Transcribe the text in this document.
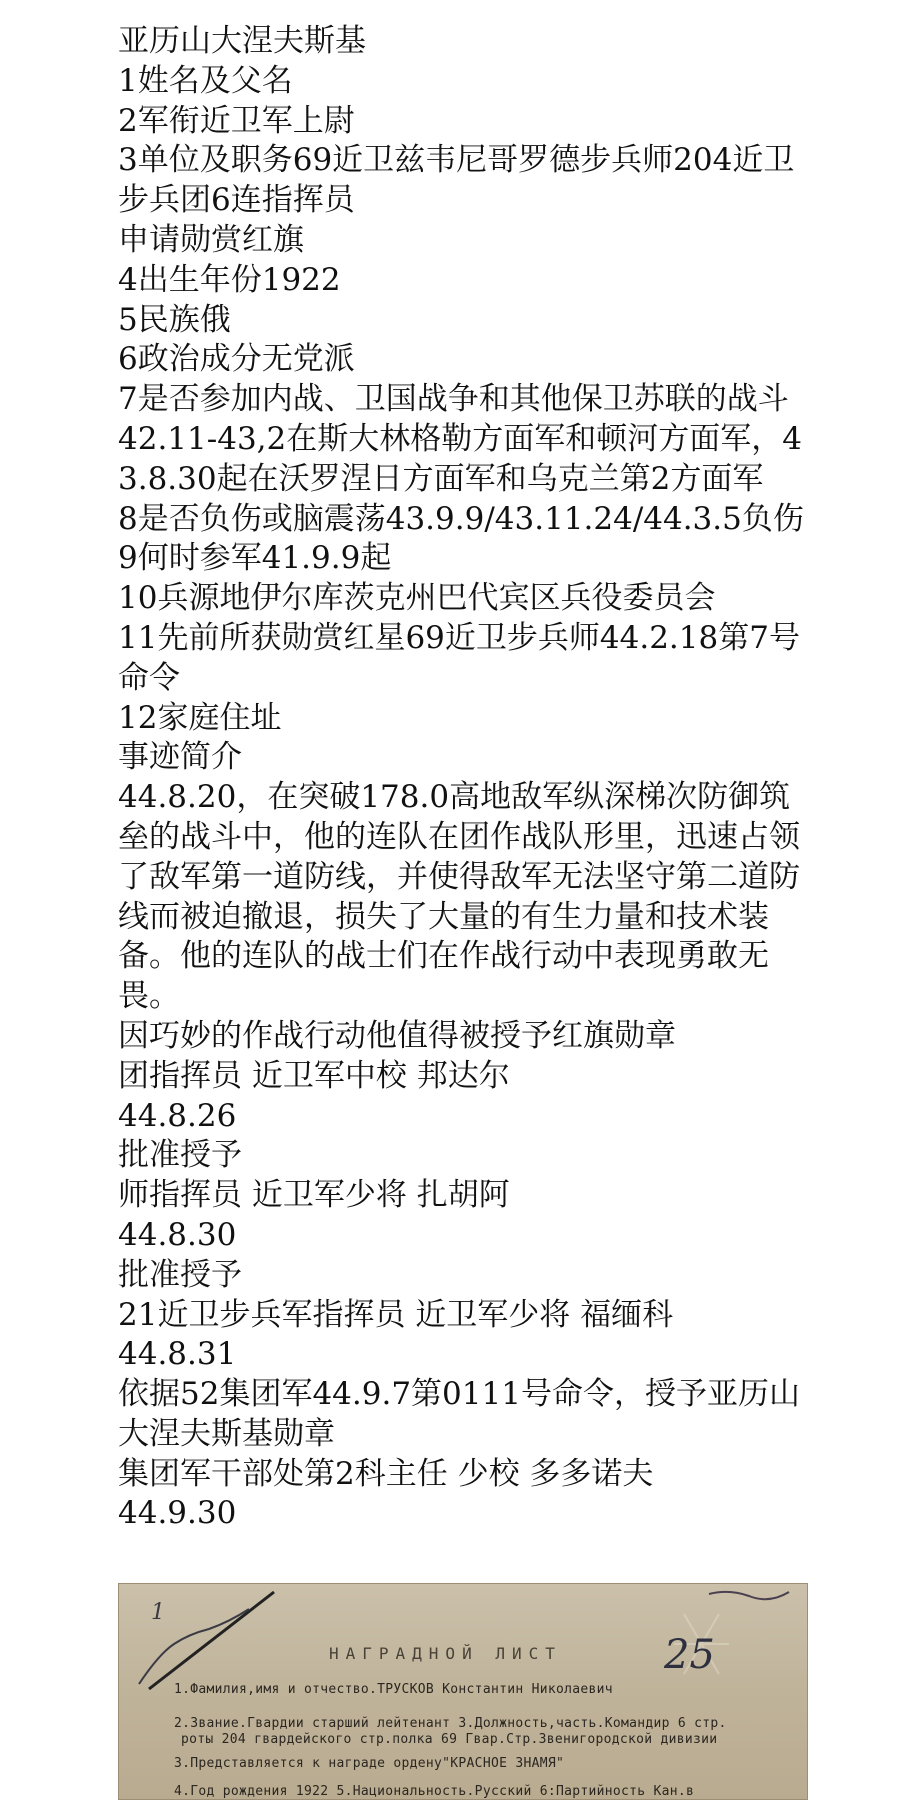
亚历山大涅夫斯基
1姓名及父名
2军衔近卫军上尉
3单位及职务69近卫兹韦尼哥罗德步兵师204近卫步兵团6连指挥员
申请勋赏红旗
4出生年份1922
5民族俄
6政治成分无党派
7是否参加内战、卫国战争和其他保卫苏联的战斗42.11-43,2在斯大林格勒方面军和顿河方面军，43.8.30起在沃罗涅日方面军和乌克兰第2方面军
8是否负伤或脑震荡43.9.9/43.11.24/44.3.5负伤
9何时参军41.9.9起
10兵源地伊尔库茨克州巴代宾区兵役委员会
11先前所获勋赏红星69近卫步兵师44.2.18第7号命令
12家庭住址
事迹简介
44.8.20，在突破178.0高地敌军纵深梯次防御筑垒的战斗中，他的连队在团作战队形里，迅速占领了敌军第一道防线，并使得敌军无法坚守第二道防线而被迫撤退，损失了大量的有生力量和技术装备。他的连队的战士们在作战行动中表现勇敢无畏。
因巧妙的作战行动他值得被授予红旗勋章
团指挥员 近卫军中校 邦达尔
44.8.26
批准授予
师指挥员 近卫军少将 扎胡阿
44.8.30
批准授予
21近卫步兵军指挥员 近卫军少将 福缅科
44.8.31
依据52集团军44.9.7第0111号命令，授予亚历山大涅夫斯基勋章
集团军干部处第2科主任 少校 多多诺夫
44.9.30
1
25
НАГРАДНОЙ ЛИСТ
1.Фамилия,имя и отчество.ТРУСКОВ Константин Николаевич
2.Звание.Гвардии старший лейтенант 3.Должность,часть.Командир 6 стр.
роты 204 гвардейского стр.полка 69 Гвар.Стр.Звенигородской дивизии
3.Представляется к награде ордену"КРАСНОЕ ЗНАМЯ"
4.Год рождения 1922 5.Национальность.Русский 6:Партийность Кан.в
